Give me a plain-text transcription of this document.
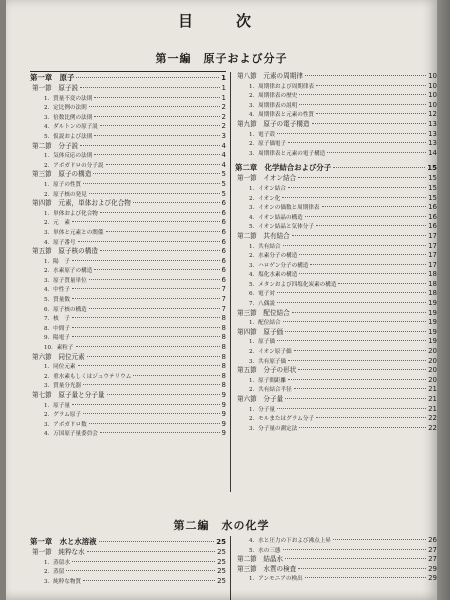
目　次
第一編　原子および分子
第一章　原子	1
第一節　原子説	1
1．質量不変の法則	1
2．定比例の法則	2
3．倍数比例の法則	2
4．ダルトンの原子説	2
5．仮説および法則	3
第二節　分子説	4
1．気体反応の法則	4
2．アボガドロの分子説	4
第三節　原子の構造	5
1．原子の性質	5
2．原子核の発見	5
第四節　元素，単体および化合物	6
1．単体および化合物	6
2．元　素	6
3．単体と元素との関係	6
4．原子番号	6
第五節　原子核の構造	6
1．陽　子	6
2．水素原子の構造	6
3．原子質量単位	6
4．中性子	7
5．質量数	7
6．原子核の構造	7
7．核　子	8
8．中間子	8
9．陽電子	8
10．素粒子	8
第六節　同位元素	8
1．同位元素	8
2．重水素もしくはジュウテリウム	8
3．質量分光器	8
第七節　原子量と分子量	9
1．原子量	9
2．グラム原子	9
3．アボガドロ数	9
4．万国原子量委員会	9
第八節　元素の周期律	10
1．周期律および周期律表	10
2．周期律表の歴史	10
3．周期律表の説明	10
4．周期律表と元素の性質	12
第九節　原子の電子構造	13
1．電子殻	13
2．原子価電子	13
3．周期律表と元素の電子構造	14
第二章　化学結合および分子	15
第一節　イオン結合	15
1．イオン結合	15
2．イオン化	15
3．イオンの価数と周期律表	16
4．イオン結晶の構造	16
5．イオン結晶と気体分子	16
第二節　共有結合	17
1．共有結合	17
2．水素分子の構造	17
3．ハロゲン分子の構造	17
4．塩化水素の構造	18
5．メタンおよび四塩化炭素の構造	18
6．電子対	18
7．八偶説	19
第三節　配位結合	19
1．配位結合	19
第四節　原子価	19
1．原子価	19
2．イオン原子価	20
3．共有原子価	20
第五節　分子の形状	20
1．原子間距離	20
2．共有結合半径	21
第六節　分子量	21
1．分子量	21
2．モルまたはグラム分子	22
3．分子量の測定法	22
第二編　水の化学
第一章　水と水溶液	25
第一節　純粋な水	25
1．蒸留水	25
2．蒸留	25
3．純粋な物質	25
4．水と圧力の下および沸点上昇	26
5．水の三態	27
第二節　結晶水	27
第三節　水質の検査	29
1．アンモニアの検出	29
